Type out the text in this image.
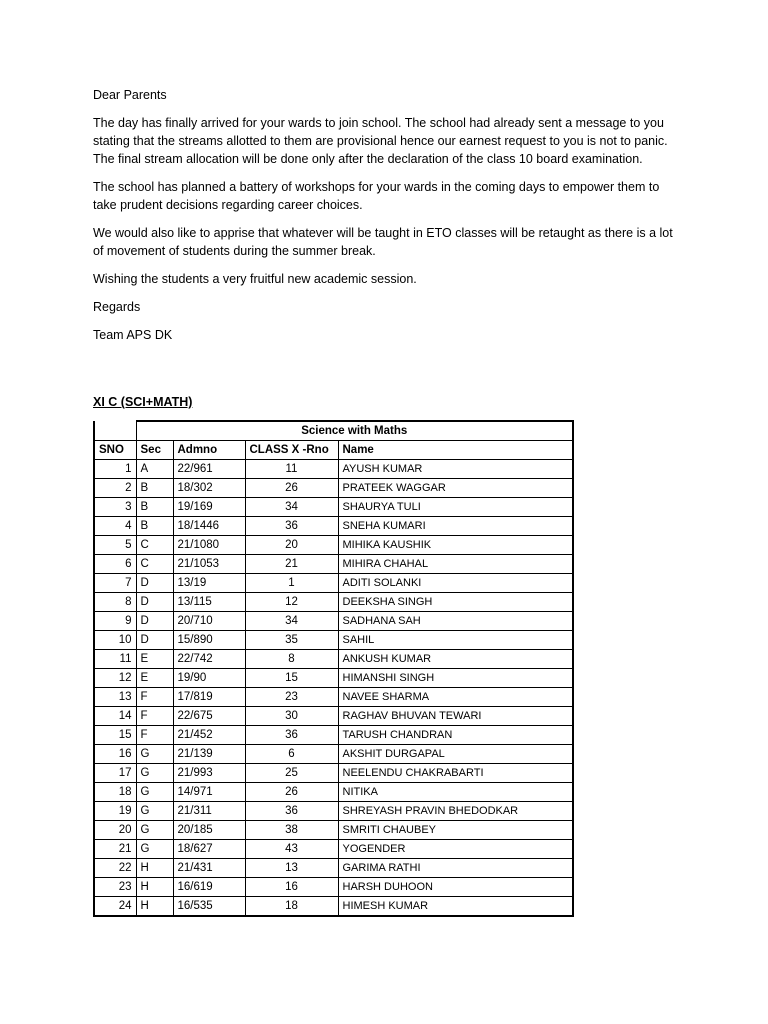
Dear Parents

The day has finally arrived for your wards to join school. The school had already sent a message to you stating that the streams allotted to them are provisional hence our earnest request to you is not to panic. The final stream allocation will be done only after the declaration of the class 10 board examination.

The school has planned a battery of workshops for your wards in the coming days to empower them to take prudent decisions regarding career choices.

We would also like to apprise that whatever will be taught in ETO classes will be retaught as there is a lot of movement of students during the summer break.

Wishing the students a very fruitful new academic session.

Regards

Team APS DK

XI C (SCI+MATH)
	Science with Maths			
SNO	Sec	Admno	CLASS X -Rno	Name
1	A	22/961	11	AYUSH KUMAR
2	B	18/302	26	PRATEEK WAGGAR
3	B	19/169	34	SHAURYA TULI
4	B	18/1446	36	SNEHA KUMARI
5	C	21/1080	20	MIHIKA KAUSHIK
6	C	21/1053	21	MIHIRA CHAHAL
7	D	13/19	1	ADITI SOLANKI
8	D	13/115	12	DEEKSHA SINGH
9	D	20/710	34	SADHANA SAH
10	D	15/890	35	SAHIL
11	E	22/742	8	ANKUSH KUMAR
12	E	19/90	15	HIMANSHI SINGH
13	F	17/819	23	NAVEE SHARMA
14	F	22/675	30	RAGHAV BHUVAN TEWARI
15	F	21/452	36	TARUSH CHANDRAN
16	G	21/139	6	AKSHIT DURGAPAL
17	G	21/993	25	NEELENDU CHAKRABARTI
18	G	14/971	26	NITIKA
19	G	21/311	36	SHREYASH PRAVIN BHEDODKAR
20	G	20/185	38	SMRITI CHAUBEY
21	G	18/627	43	YOGENDER
22	H	21/431	13	GARIMA RATHI
23	H	16/619	16	HARSH DUHOON
24	H	16/535	18	HIMESH KUMAR
